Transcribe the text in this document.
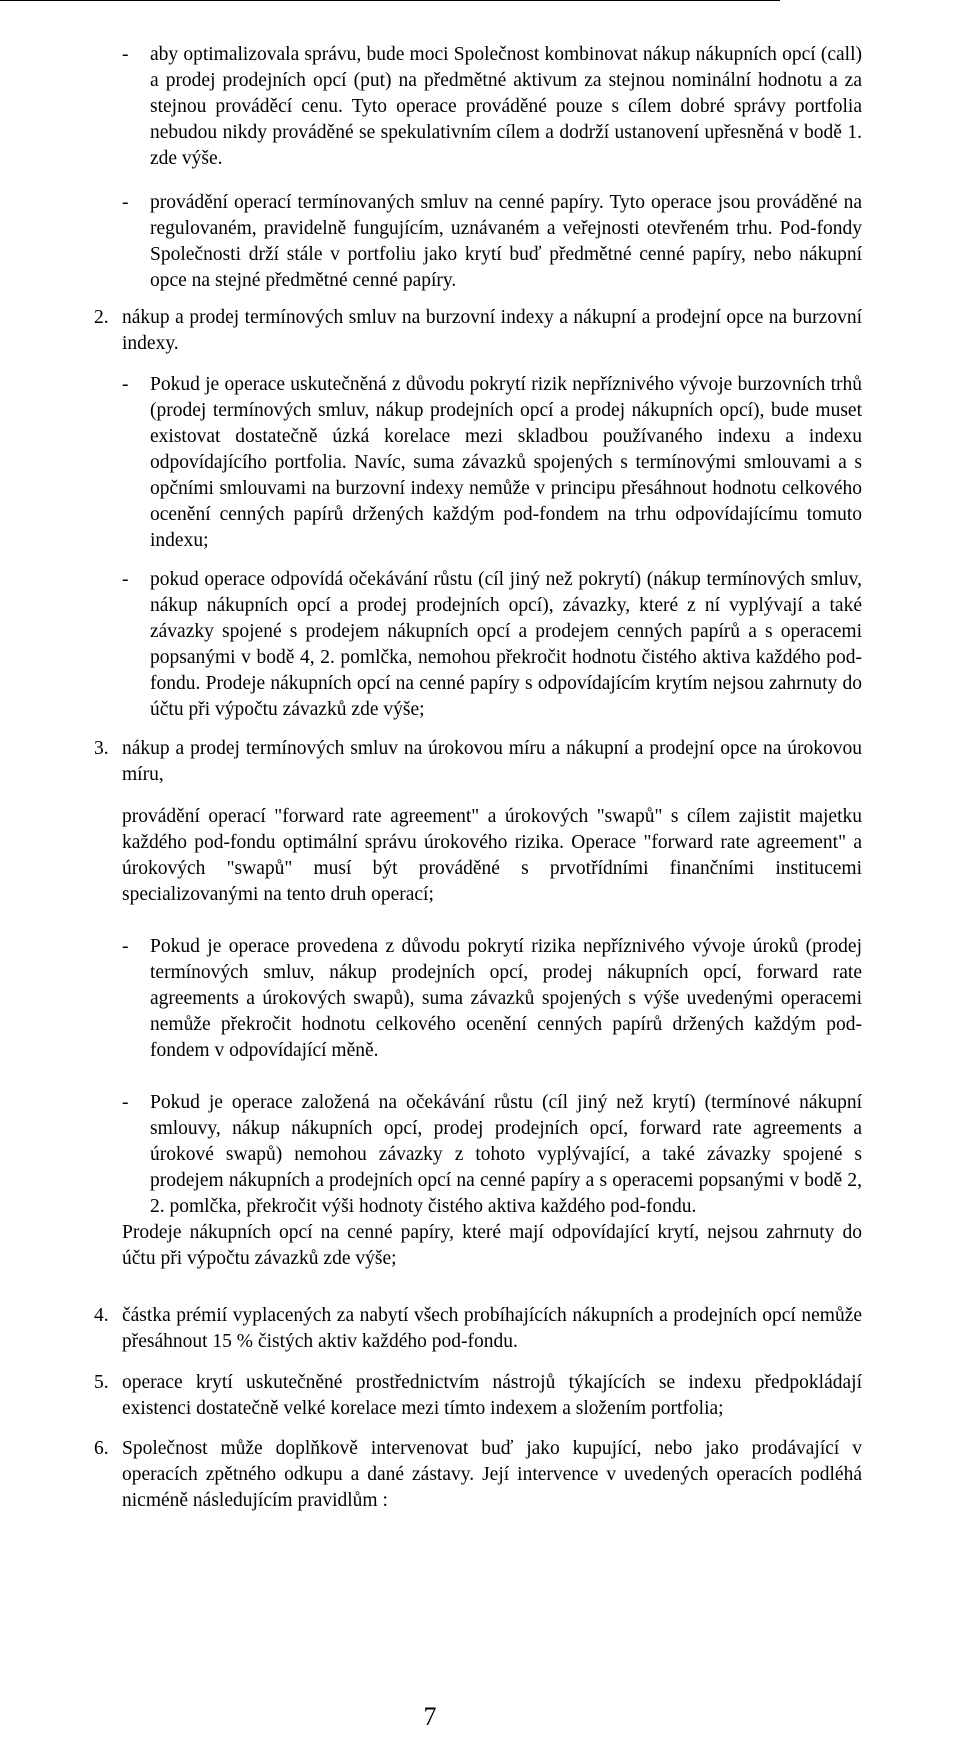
-	aby optimalizovala správu, bude moci Společnost kombinovat nákup nákupních opcí (call) a prodej prodejních opcí (put) na předmětné aktivum za stejnou nominální hodnotu a za stejnou prováděcí cenu. Tyto operace prováděné pouze s cílem dobré správy portfolia nebudou nikdy prováděné se spekulativním cílem a dodrží ustanovení upřesněná v bodě 1. zde výše.
-	provádění operací termínovaných smluv na cenné papíry. Tyto operace jsou prováděné na regulovaném, pravidelně fungujícím, uznávaném a veřejnosti otevřeném trhu. Pod-fondy Společnosti drží stále v portfoliu jako krytí buď předmětné cenné papíry, nebo nákupní opce na stejné předmětné cenné papíry.
2. nákup a prodej termínových smluv na burzovní indexy a nákupní a prodejní opce na burzovní indexy.
-	Pokud je operace uskutečněná z důvodu pokrytí rizik nepříznivého vývoje burzovních trhů (prodej termínových smluv, nákup prodejních opcí a prodej nákupních opcí), bude muset existovat dostatečně úzká korelace mezi skladbou používaného indexu a indexu odpovídajícího portfolia. Navíc, suma závazků spojených s termínovými smlouvami a s opčními smlouvami na burzovní indexy nemůže v principu přesáhnout hodnotu celkového ocenění cenných papírů držených každým pod-fondem na trhu odpovídajícímu tomuto indexu;
-	pokud operace odpovídá očekávání růstu (cíl jiný než pokrytí) (nákup termínových smluv, nákup nákupních opcí a prodej prodejních opcí), závazky, které z ní vyplývají a také závazky spojené s prodejem nákupních opcí a prodejem cenných papírů a s operacemi popsanými v bodě 4, 2. pomlčka, nemohou překročit hodnotu čistého aktiva každého pod-fondu. Prodeje nákupních opcí na cenné papíry s odpovídajícím krytím nejsou zahrnuty do účtu při výpočtu závazků zde výše;
3. nákup a prodej termínových smluv na úrokovou míru a nákupní a prodejní opce na úrokovou míru,
provádění operací "forward rate agreement" a úrokových "swapů" s cílem zajistit majetku každého pod-fondu optimální správu úrokového rizika. Operace "forward rate agreement" a úrokových "swapů" musí být prováděné s prvotřídními finančními institucemi specializovanými na tento druh operací;
-	Pokud je operace provedena z důvodu pokrytí rizika nepříznivého vývoje úroků (prodej termínových smluv, nákup prodejních opcí, prodej nákupních opcí, forward rate agreements a úrokových swapů), suma závazků spojených s výše uvedenými operacemi nemůže překročit hodnotu celkového ocenění cenných papírů držených každým pod-fondem v odpovídající měně.
-	Pokud je operace založená na očekávání růstu (cíl jiný než krytí) (termínové nákupní smlouvy, nákup nákupních opcí, prodej prodejních opcí, forward rate agreements a úrokové swapů) nemohou závazky z tohoto vyplývající, a také závazky spojené s prodejem nákupních a prodejních opcí na cenné papíry a s operacemi popsanými v bodě 2, 2. pomlčka, překročit výši hodnoty čistého aktiva každého pod-fondu.
Prodeje nákupních opcí na cenné papíry, které mají odpovídající krytí, nejsou zahrnuty do účtu při výpočtu závazků zde výše;
4. částka prémií vyplacených za nabytí všech probíhajících nákupních a prodejních opcí nemůže přesáhnout 15 % čistých aktiv každého pod-fondu.
5. operace krytí uskutečněné prostřednictvím nástrojů týkajících se indexu předpokládají existenci dostatečně velké korelace mezi tímto indexem a složením portfolia;
6. Společnost může doplňkově intervenovat buď jako kupující, nebo jako prodávající v operacích zpětného odkupu a dané zástavy. Její intervence v uvedených operacích podléhá nicméně následujícím pravidlům :
7
